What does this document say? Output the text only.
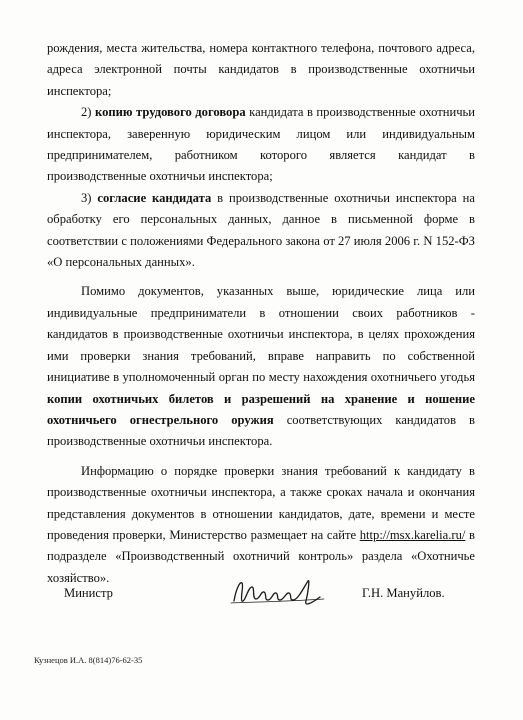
рождения, места жительства, номера контактного телефона, почтового адреса, адреса электронной почты кандидатов в производственные охотничьи инспектора;

2) копию трудового договора кандидата в производственные охотничьи инспектора, заверенную юридическим лицом или индивидуальным предпринимателем, работником которого является кандидат в производственные охотничьи инспектора;

3) согласие кандидата в производственные охотничьи инспектора на обработку его персональных данных, данное в письменной форме в соответствии с положениями Федерального закона от 27 июля 2006 г. N 152-ФЗ «О персональных данных».

Помимо документов, указанных выше, юридические лица или индивидуальные предприниматели в отношении своих работников - кандидатов в производственные охотничьи инспектора, в целях прохождения ими проверки знания требований, вправе направить по собственной инициативе в уполномоченный орган по месту нахождения охотничьего угодья копии охотничьих билетов и разрешений на хранение и ношение охотничьего огнестрельного оружия соответствующих кандидатов в производственные охотничьи инспектора.

Информацию о порядке проверки знания требований к кандидату в производственные охотничьи инспектора, а также сроках начала и окончания представления документов в отношении кандидатов, дате, времени и месте проведения проверки, Министерство размещает на сайте http://msx.karelia.ru/ в подразделе «Производственный охотничий контроль» раздела «Охотничье хозяйство».

Министр	Г.Н. Мануйлов.
Кузнецов И.А. 8(814)76-62-35
